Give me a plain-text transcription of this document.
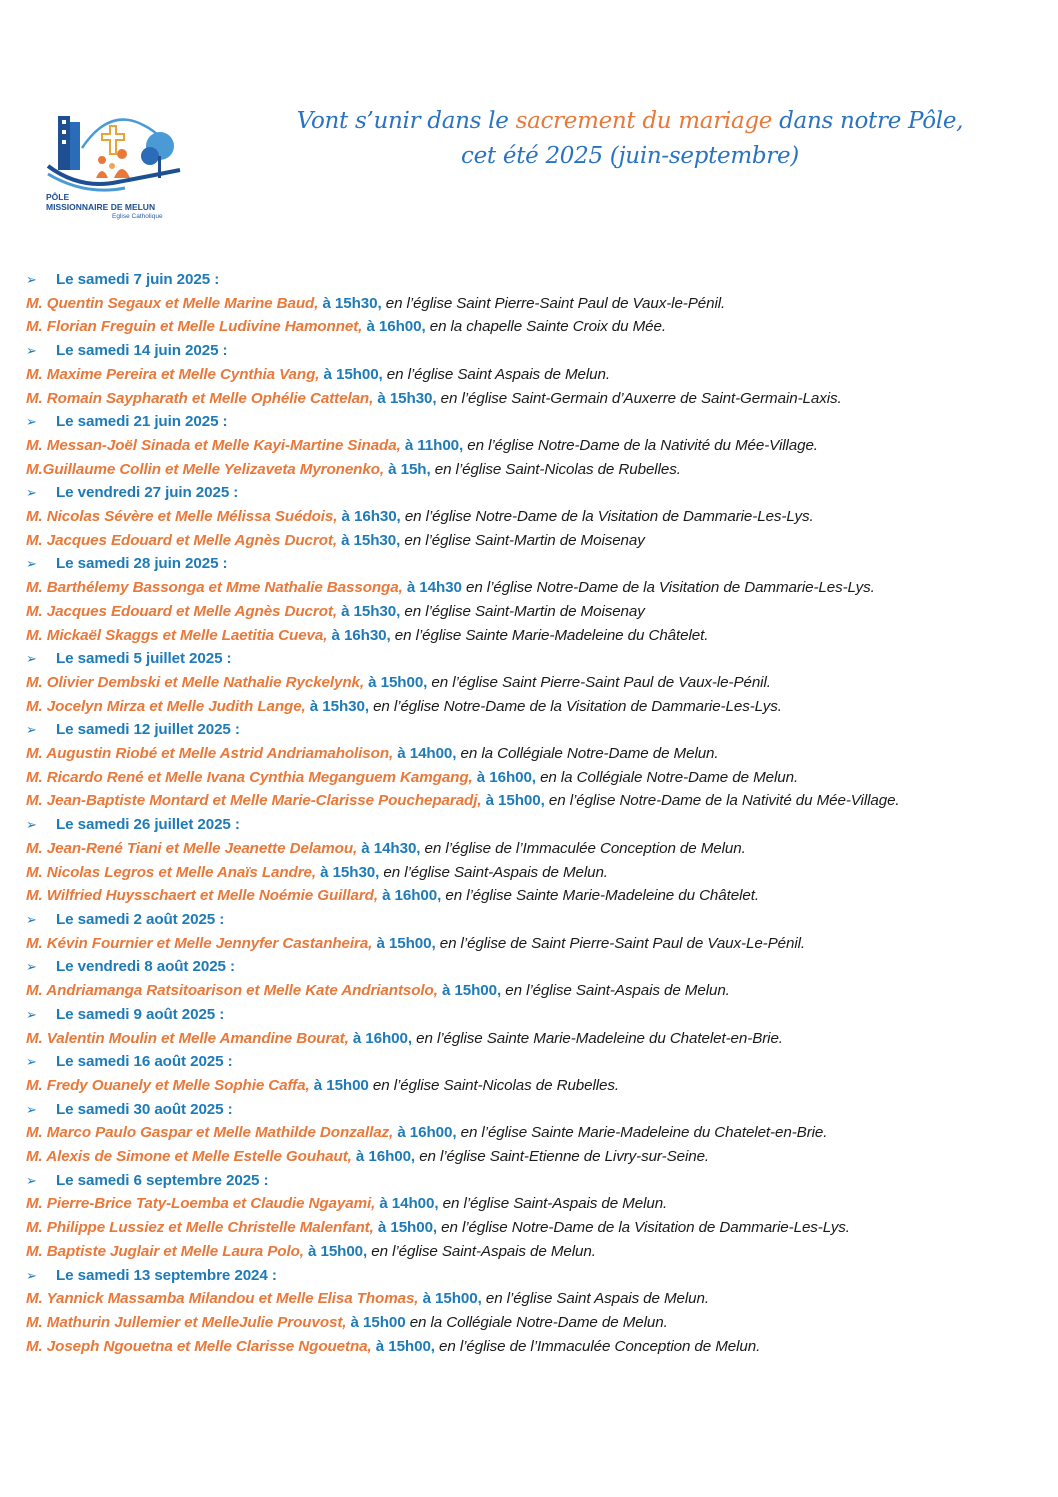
PÔLE
MISSIONNAIRE DE MELUN
Eglise Catholique
Vont s’unir dans le sacrement du mariage dans notre Pôle,
cet été 2025 (juin-septembre)
➢ Le samedi 7 juin 2025 :
M. Quentin Segaux et Melle Marine Baud, à 15h30, en l’église Saint Pierre-Saint Paul de Vaux-le-Pénil.
M. Florian Freguin et Melle Ludivine Hamonnet, à 16h00, en la chapelle Sainte Croix du Mée.
➢ Le samedi 14 juin 2025 :
M. Maxime Pereira et Melle Cynthia Vang, à 15h00, en l’église Saint Aspais de Melun.
M. Romain Saypharath et Melle Ophélie Cattelan, à 15h30, en l’église Saint-Germain d’Auxerre de Saint-Germain-Laxis.
➢ Le samedi 21 juin 2025 :
M. Messan-Joël Sinada et Melle Kayi-Martine Sinada, à 11h00, en l’église Notre-Dame de la Nativité du Mée-Village.
M.Guillaume Collin et Melle Yelizaveta Myronenko, à 15h, en l’église Saint-Nicolas de Rubelles.
➢ Le vendredi 27 juin 2025 :
M. Nicolas Sévère et Melle Mélissa Suédois, à 16h30, en l’église Notre-Dame de la Visitation de Dammarie-Les-Lys.
M. Jacques Edouard et Melle Agnès Ducrot, à 15h30, en l’église Saint-Martin de Moisenay
➢ Le samedi 28 juin 2025 :
M. Barthélemy Bassonga et Mme Nathalie Bassonga, à 14h30 en l’église Notre-Dame de la Visitation de Dammarie-Les-Lys.
M. Jacques Edouard et Melle Agnès Ducrot, à 15h30, en l’église Saint-Martin de Moisenay
M. Mickaël Skaggs et Melle Laetitia Cueva, à 16h30, en l’église Sainte Marie-Madeleine du Châtelet.
➢ Le samedi 5 juillet 2025 :
M. Olivier Dembski et Melle Nathalie Ryckelynk, à 15h00, en l’église Saint Pierre-Saint Paul de Vaux-le-Pénil.
M. Jocelyn Mirza et Melle Judith Lange, à 15h30, en l’église Notre-Dame de la Visitation de Dammarie-Les-Lys.
➢ Le samedi 12 juillet 2025 :
M. Augustin Riobé et Melle Astrid Andriamaholison, à 14h00, en la Collégiale Notre-Dame de Melun.
M. Ricardo René et Melle Ivana Cynthia Meganguem Kamgang, à 16h00, en la Collégiale Notre-Dame de Melun.
M. Jean-Baptiste Montard et Melle Marie-Clarisse Poucheparadj, à 15h00, en l’église Notre-Dame de la Nativité du Mée-Village.
➢ Le samedi 26 juillet 2025 :
M. Jean-René Tiani et Melle Jeanette Delamou, à 14h30, en l’église de l’Immaculée Conception de Melun.
M. Nicolas Legros et Melle Anaïs Landre, à 15h30, en l’église Saint-Aspais de Melun.
M. Wilfried Huysschaert et Melle Noémie Guillard, à 16h00, en l’église Sainte Marie-Madeleine du Châtelet.
➢ Le samedi 2 août 2025 :
M. Kévin Fournier et Melle Jennyfer Castanheira, à 15h00, en l’église de Saint Pierre-Saint Paul de Vaux-Le-Pénil.
➢ Le vendredi 8 août 2025 :
M. Andriamanga Ratsitoarison et Melle Kate Andriantsolo, à 15h00, en l’église Saint-Aspais de Melun.
➢ Le samedi 9 août 2025 :
M. Valentin Moulin et Melle Amandine Bourat, à 16h00, en l’église Sainte Marie-Madeleine du Chatelet-en-Brie.
➢ Le samedi 16 août 2025 :
M. Fredy Ouanely et Melle Sophie Caffa, à 15h00 en l’église Saint-Nicolas de Rubelles.
➢ Le samedi 30 août 2025 :
M. Marco Paulo Gaspar et Melle Mathilde Donzallaz, à 16h00, en l’église Sainte Marie-Madeleine du Chatelet-en-Brie.
M. Alexis de Simone et Melle Estelle Gouhaut, à 16h00, en l’église Saint-Etienne de Livry-sur-Seine.
➢ Le samedi 6 septembre 2025 :
M. Pierre-Brice Taty-Loemba et Claudie Ngayami, à 14h00, en l’église Saint-Aspais de Melun.
M. Philippe Lussiez et Melle Christelle Malenfant, à 15h00, en l’église Notre-Dame de la Visitation de Dammarie-Les-Lys.
M. Baptiste Juglair et Melle Laura Polo, à 15h00, en l’église Saint-Aspais de Melun.
➢ Le samedi 13 septembre 2024 :
M. Yannick Massamba Milandou et Melle Elisa Thomas, à 15h00, en l’église Saint Aspais de Melun.
M. Mathurin Jullemier et MelleJulie Prouvost, à 15h00 en la Collégiale Notre-Dame de Melun.
M. Joseph Ngouetna et Melle Clarisse Ngouetna, à 15h00, en l’église de l’Immaculée Conception de Melun.
